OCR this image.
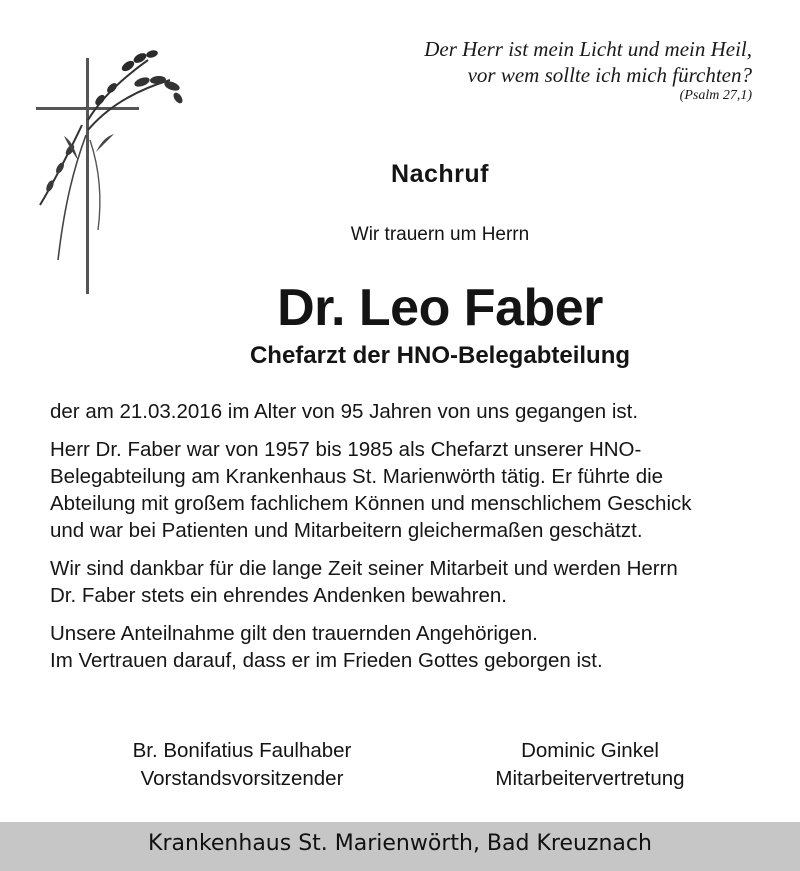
Der Herr ist mein Licht und mein Heil,
vor wem sollte ich mich fürchten?
(Psalm 27,1)
Nachruf
Wir trauern um Herrn
Dr. Leo Faber
Chefarzt der HNO-Belegabteilung

der am 21.03.2016 im Alter von 95 Jahren von uns gegangen ist.

Herr Dr. Faber war von 1957 bis 1985 als Chefarzt unserer HNO-
Belegabteilung am Krankenhaus St. Marienwörth tätig. Er führte die
Abteilung mit großem fachlichem Können und menschlichem Geschick
und war bei Patienten und Mitarbeitern gleichermaßen geschätzt.

Wir sind dankbar für die lange Zeit seiner Mitarbeit und werden Herrn
Dr. Faber stets ein ehrendes Andenken bewahren.

Unsere Anteilnahme gilt den trauernden Angehörigen.
Im Vertrauen darauf, dass er im Frieden Gottes geborgen ist.

Br. Bonifatius Faulhaber
Vorstandsvorsitzender
Dominic Ginkel
Mitarbeitervertretung
Krankenhaus St. Marienwörth, Bad Kreuznach
